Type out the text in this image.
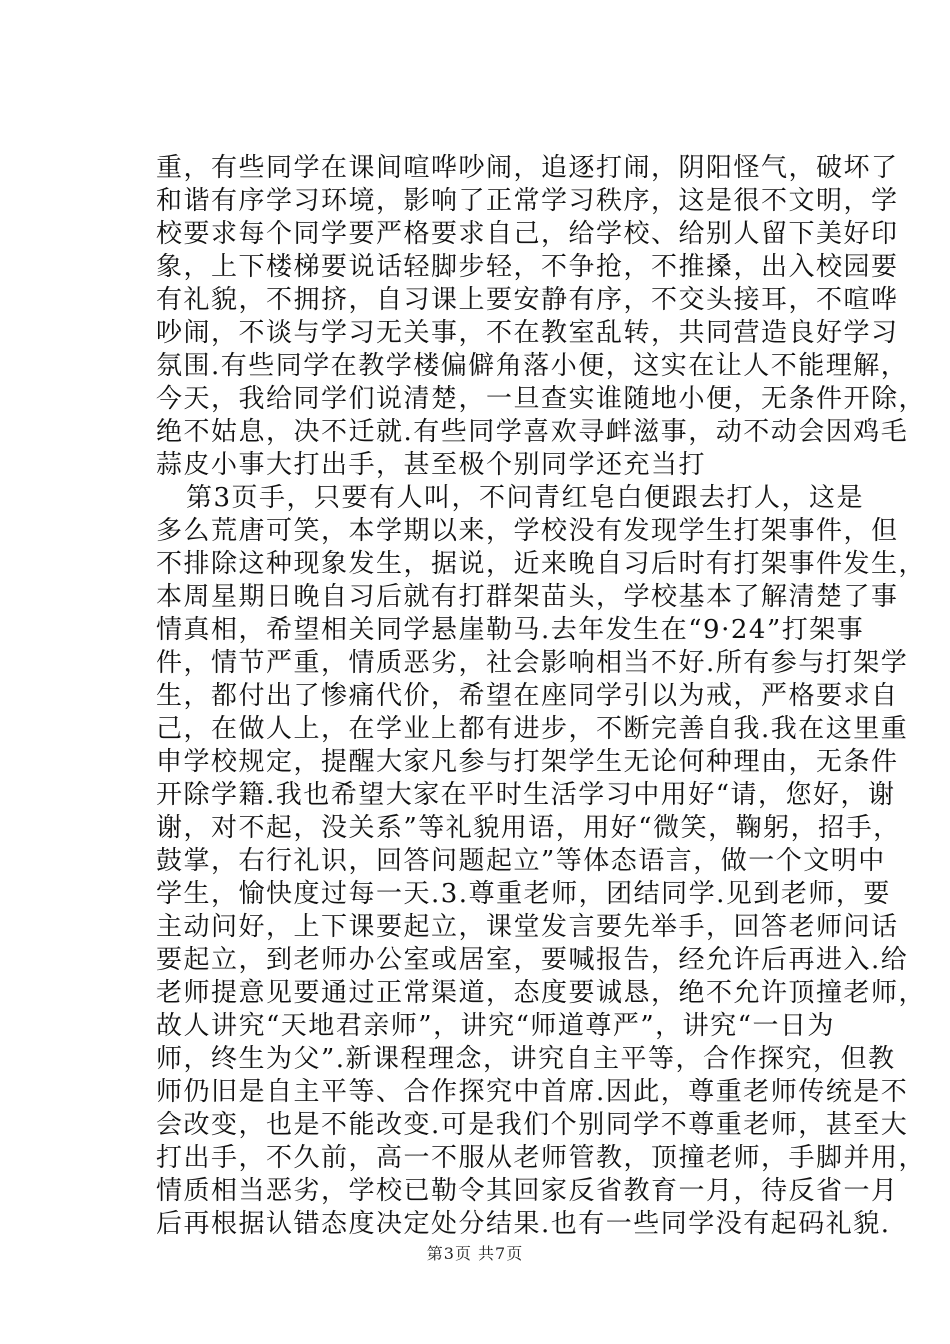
重，有些同学在课间喧哗吵闹，追逐打闹，阴阳怪气，破坏了
和谐有序学习环境，影响了正常学习秩序，这是很不文明，学
校要求每个同学要严格要求自己，给学校、给别人留下美好印
象，上下楼梯要说话轻脚步轻，不争抢，不推搡，出入校园要
有礼貌，不拥挤，自习课上要安静有序，不交头接耳，不喧哗
吵闹，不谈与学习无关事，不在教室乱转，共同营造良好学习
氛围.有些同学在教学楼偏僻角落小便，这实在让人不能理解，
今天，我给同学们说清楚，一旦查实谁随地小便，无条件开除，
绝不姑息，决不迁就.有些同学喜欢寻衅滋事，动不动会因鸡毛
蒜皮小事大打出手，甚至极个别同学还充当打
第3页手，只要有人叫，不问青红皂白便跟去打人，这是
多么荒唐可笑，本学期以来，学校没有发现学生打架事件，但
不排除这种现象发生，据说，近来晚自习后时有打架事件发生，
本周星期日晚自习后就有打群架苗头，学校基本了解清楚了事
情真相，希望相关同学悬崖勒马.去年发生在“9·24”打架事
件，情节严重，情质恶劣，社会影响相当不好.所有参与打架学
生，都付出了惨痛代价，希望在座同学引以为戒，严格要求自
己，在做人上，在学业上都有进步，不断完善自我.我在这里重
申学校规定，提醒大家凡参与打架学生无论何种理由，无条件
开除学籍.我也希望大家在平时生活学习中用好“请，您好，谢
谢，对不起，没关系”等礼貌用语，用好“微笑，鞠躬，招手，
鼓掌，右行礼识，回答问题起立”等体态语言，做一个文明中
学生，愉快度过每一天.3.尊重老师，团结同学.见到老师，要
主动问好，上下课要起立，课堂发言要先举手，回答老师问话
要起立，到老师办公室或居室，要喊报告，经允许后再进入.给
老师提意见要通过正常渠道，态度要诚恳，绝不允许顶撞老师，
故人讲究“天地君亲师”，讲究“师道尊严”，讲究“一日为
师，终生为父”.新课程理念，讲究自主平等，合作探究，但教
师仍旧是自主平等、合作探究中首席.因此，尊重老师传统是不
会改变，也是不能改变.可是我们个别同学不尊重老师，甚至大
打出手，不久前，高一不服从老师管教，顶撞老师，手脚并用，
情质相当恶劣，学校已勒令其回家反省教育一月，待反省一月
后再根据认错态度决定处分结果.也有一些同学没有起码礼貌.
第3页 共7页
